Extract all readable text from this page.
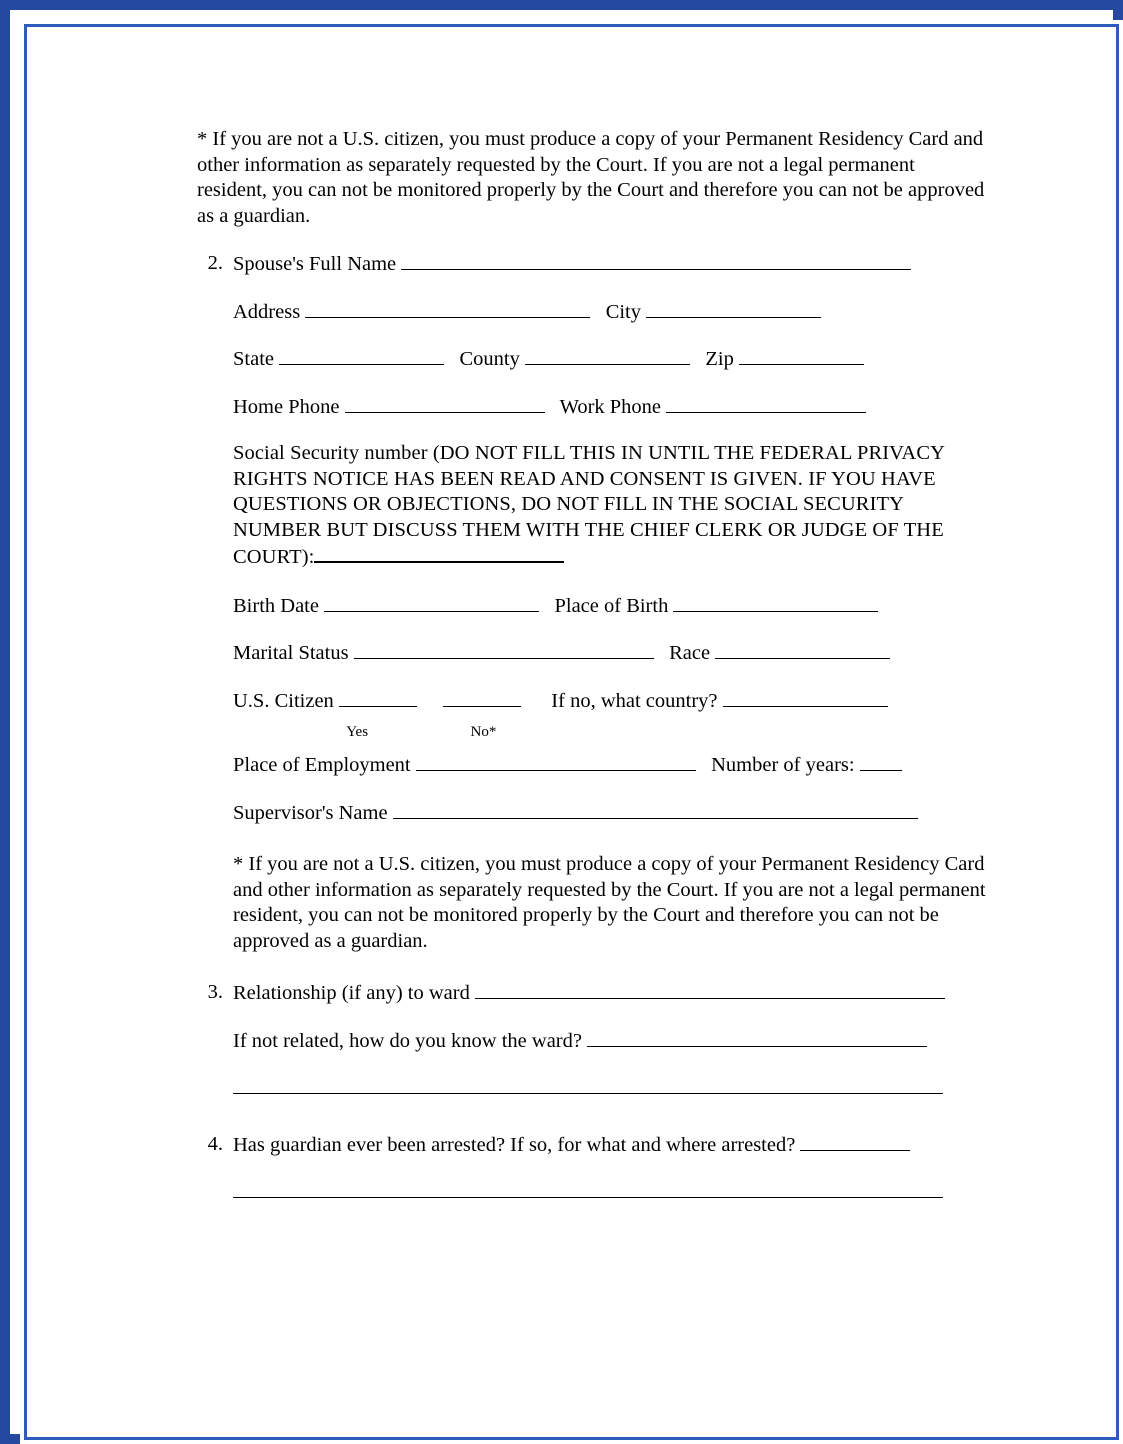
* If you are not a U.S. citizen, you must produce a copy of your Permanent Residency Card and other information as separately requested by the Court. If you are not a legal permanent resident, you can not be monitored properly by the Court and therefore you can not be approved as a guardian.
2. Spouse's Full Name
Address	City
State	County	Zip
Home Phone	Work Phone
Social Security number (DO NOT FILL THIS IN UNTIL THE FEDERAL PRIVACY RIGHTS NOTICE HAS BEEN READ AND CONSENT IS GIVEN. IF YOU HAVE QUESTIONS OR OBJECTIONS, DO NOT FILL IN THE SOCIAL SECURITY NUMBER BUT DISCUSS THEM WITH THE CHIEF CLERK OR JUDGE OF THE COURT):
Birth Date	Place of Birth
Marital Status	Race
U.S. Citizen	If no, what country?
Yes	No*
Place of Employment	Number of years:
Supervisor's Name
* If you are not a U.S. citizen, you must produce a copy of your Permanent Residency Card and other information as separately requested by the Court. If you are not a legal permanent resident, you can not be monitored properly by the Court and therefore you can not be approved as a guardian.
3. Relationship (if any) to ward
If not related, how do you know the ward?
4. Has guardian ever been arrested? If so, for what and where arrested?
